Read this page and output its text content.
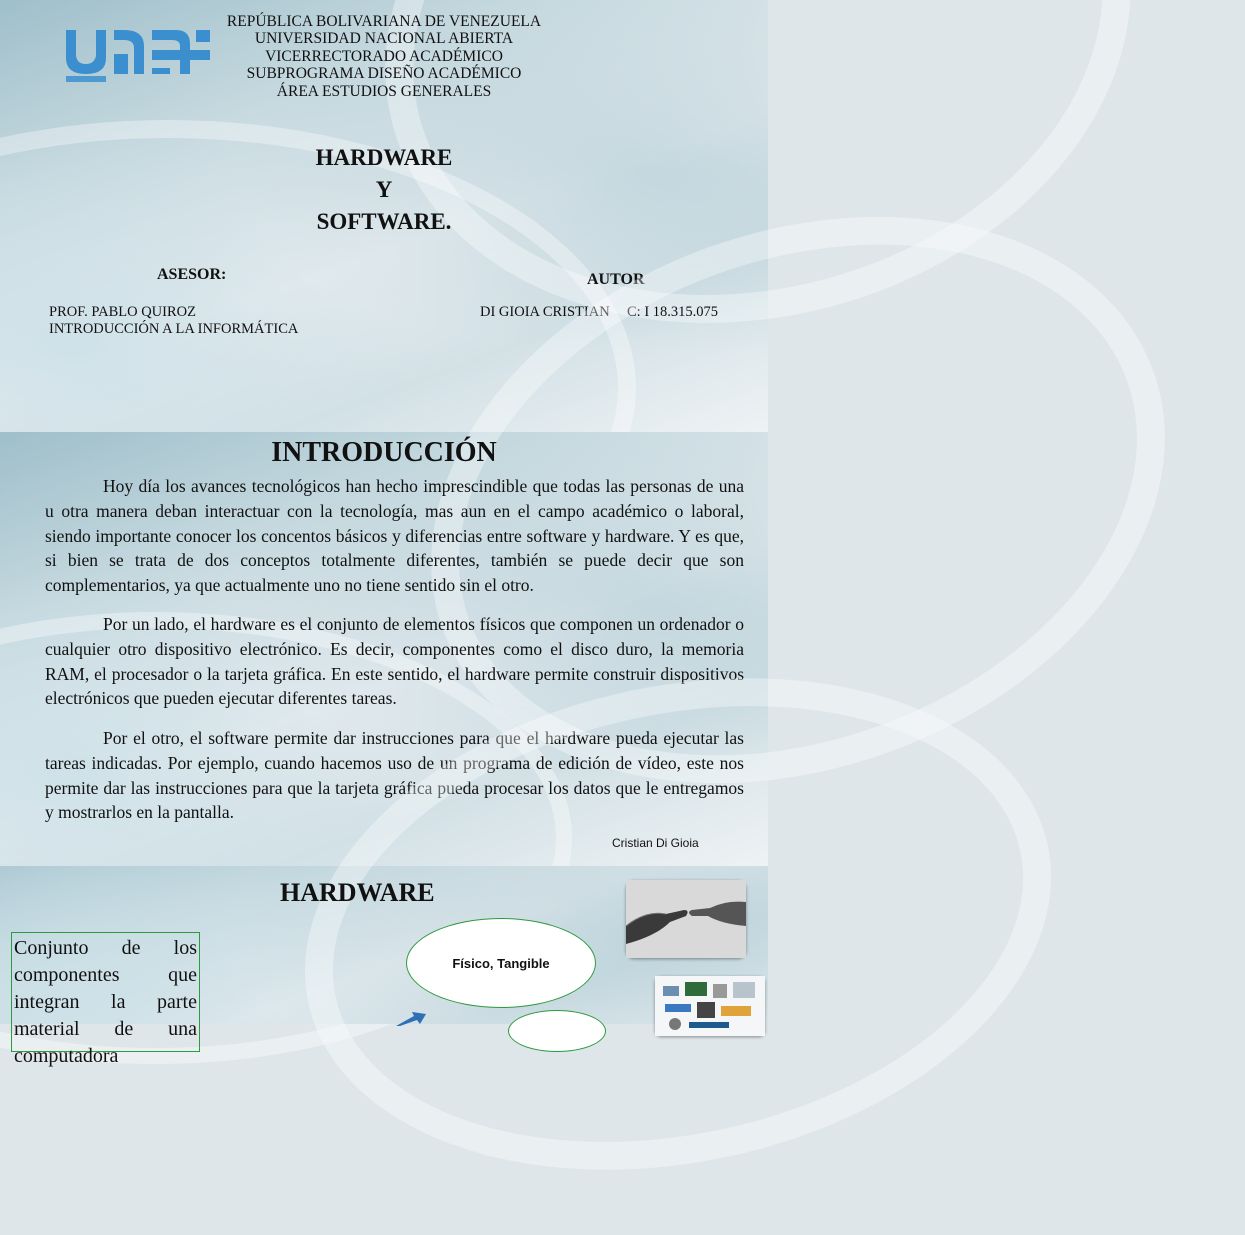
REPÚBLICA BOLIVARIANA DE VENEZUELA
UNIVERSIDAD NACIONAL ABIERTA
VICERRECTORADO ACADÉMICO
SUBPROGRAMA DISEÑO ACADÉMICO
ÁREA ESTUDIOS GENERALES
HARDWARE
Y
SOFTWARE.
ASESOR:	AUTOR
PROF. PABLO QUIROZ
INTRODUCCIÓN A LA INFORMÁTICA
DI GIOIA CRISTIAN C: I 18.315.075
INTRODUCCIÓN

Hoy día los avances tecnológicos han hecho imprescindible que todas las personas de una u otra manera deban interactuar con la tecnología, mas aun en el campo académico o laboral, siendo importante conocer los concentos básicos y diferencias entre software y hardware. Y es que, si bien se trata de dos conceptos totalmente diferentes, también se puede decir que son complementarios, ya que actualmente uno no tiene sentido sin el otro.

Por un lado, el hardware es el conjunto de elementos físicos que componen un ordenador o cualquier otro dispositivo electrónico. Es decir, componentes como el disco duro, la memoria RAM, el procesador o la tarjeta gráfica. En este sentido, el hardware permite construir dispositivos electrónicos que pueden ejecutar diferentes tareas.

Por el otro, el software permite dar instrucciones para que el hardware pueda ejecutar las tareas indicadas. Por ejemplo, cuando hacemos uso de un programa de edición de vídeo, este nos permite dar las instrucciones para que la tarjeta gráfica pueda procesar los datos que le entregamos y mostrarlos en la pantalla.

Cristian Di Gioia
HARDWARE
Conjunto de los componentes que integran la parte material de una computadora
Físico, Tangible
